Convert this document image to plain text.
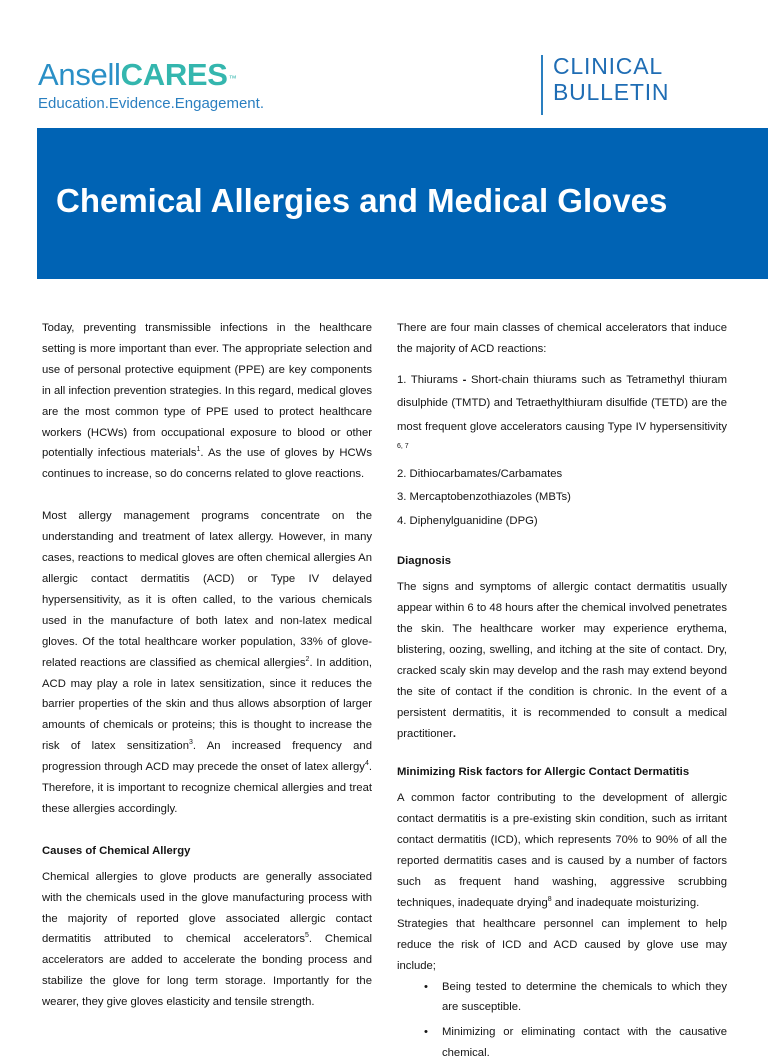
AnsellCARES™
Education.Evidence.Engagement.
CLINICAL
BULLETIN
Chemical Allergies and Medical Gloves

Today, preventing transmissible infections in the healthcare setting is more important than ever. The appropriate selection and use of personal protective equipment (PPE) are key components in all infection prevention strategies. In this regard, medical gloves are the most common type of PPE used to protect healthcare workers (HCWs) from occupational exposure to blood or other potentially infectious materials$^1$. As the use of gloves by HCWs continues to increase, so do concerns related to glove reactions.

Most allergy management programs concentrate on the understanding and treatment of latex allergy. However, in many cases, reactions to medical gloves are often chemical allergies An allergic contact dermatitis (ACD) or Type IV delayed hypersensitivity, as it is often called, to the various chemicals used in the manufacture of both latex and non-latex medical gloves. Of the total healthcare worker population, 33% of glove-related reactions are classified as chemical allergies$^2$. In addition, ACD may play a role in latex sensitization, since it reduces the barrier properties of the skin and thus allows absorption of larger amounts of chemicals or proteins; this is thought to increase the risk of latex sensitization$^3$. An increased frequency and progression through ACD may precede the onset of latex allergy$^4$. Therefore, it is important to recognize chemical allergies and treat these allergies accordingly.

Causes of Chemical Allergy

Chemical allergies to glove products are generally associated with the chemicals used in the glove manufacturing process with the majority of reported glove associated allergic contact dermatitis attributed to chemical accelerators$^5$. Chemical accelerators are added to accelerate the bonding process and stabilize the glove for long term storage. Importantly for the wearer, they give gloves elasticity and tensile strength.

There are four main classes of chemical accelerators that induce the majority of ACD reactions:

1. Thiurams - Short-chain thiurams such as Tetramethyl thiuram disulphide (TMTD) and Tetraethylthiuram disulfide (TETD) are the most frequent glove accelerators causing Type IV hypersensitivity $^{6, 7}$

2. Dithiocarbamates/Carbamates

3. Mercaptobenzothiazoles (MBTs)

4. Diphenylguanidine (DPG)

Diagnosis

The signs and symptoms of allergic contact dermatitis usually appear within 6 to 48 hours after the chemical involved penetrates the skin. The healthcare worker may experience erythema, blistering, oozing, swelling, and itching at the site of contact. Dry, cracked scaly skin may develop and the rash may extend beyond the site of contact if the condition is chronic. In the event of a persistent dermatitis, it is recommended to consult a medical practitioner.

Minimizing Risk factors for Allergic Contact Dermatitis

A common factor contributing to the development of allergic contact dermatitis is a pre-existing skin condition, such as irritant contact dermatitis (ICD), which represents 70% to 90% of all the reported dermatitis cases and is caused by a number of factors such as frequent hand washing, aggressive scrubbing techniques, inadequate drying$^8$ and inadequate moisturizing.

Strategies that healthcare personnel can implement to help reduce the risk of ICD and ACD caused by glove use may include;

• Being tested to determine the chemicals to which they are susceptible.
• Minimizing or eliminating contact with the causative chemical.
